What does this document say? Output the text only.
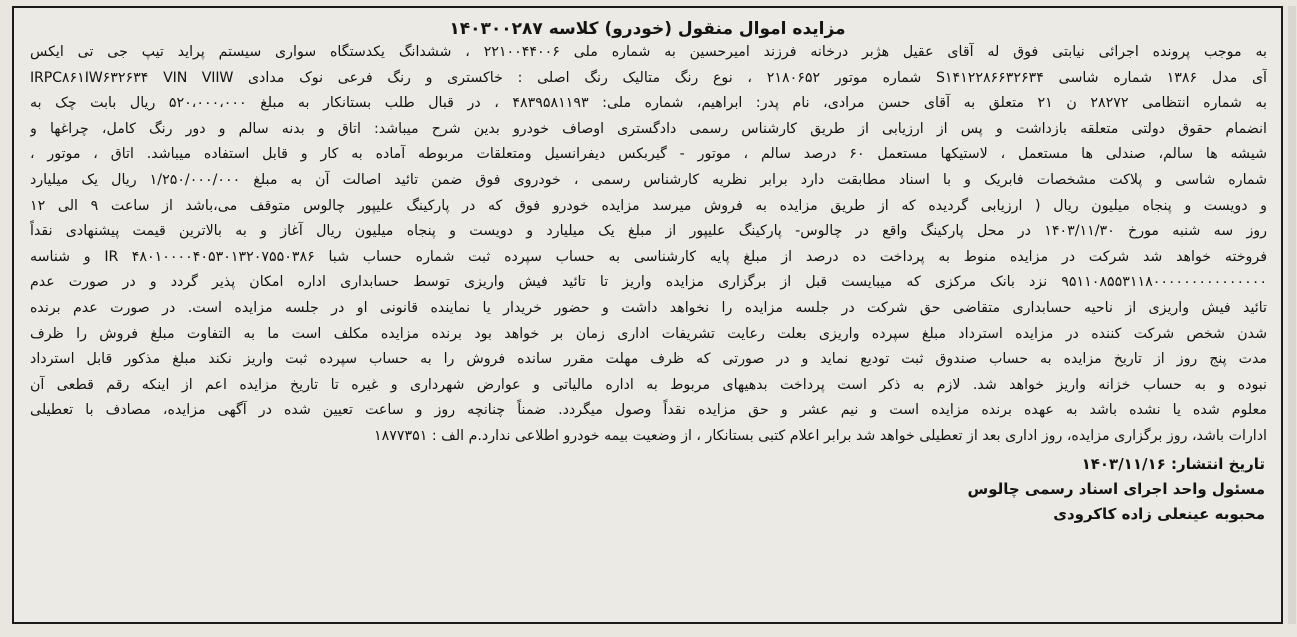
مزایده اموال منقول (خودرو) کلاسه ۱۴۰۳۰۰۲۸۷
به موجب پرونده اجرائی نیابتی فوق له آقای عقیل هژبر درخانه فرزند امیرحسین به شماره ملی ۲۲۱۰۰۴۴۰۰۶ ، ششدانگ یکدستگاه سواری سیستم پراید تیپ جی تی ایکس
آی مدل ۱۳۸۶ شماره شاسی S۱۴۱۲۲۸۶۶۳۲۶۳۴ شماره موتور ۲۱۸۰۶۵۲ ، نوع رنگ متالیک رنگ اصلی : خاکستری و رنگ فرعی نوک مدادی IRPC۸۶۱IW۶۳۲۶۳۴ VIN VIIW
به شماره انتظامی ۲۸۲۷۲ ن ۲۱ متعلق به آقای حسن مرادی، نام پدر: ابراهیم، شماره ملی: ۴۸۳۹۵۸۱۱۹۳ ، در قبال طلب بستانکار به مبلغ ۵۲۰،۰۰۰،۰۰۰ ریال بابت چک به
انضمام حقوق دولتی متعلقه بازداشت و پس از ارزیابی از طریق کارشناس رسمی دادگستری اوصاف خودرو بدین شرح میباشد: اتاق و بدنه سالم و دور رنگ کامل، چراغها و
شیشه ها سالم، صندلی ها مستعمل ، لاستیکها مستعمل ۶۰ درصد سالم ، موتور - گیربکس دیفرانسیل ومتعلقات مربوطه آماده به کار و قابل استفاده میباشد. اتاق ، موتور ،
شماره شاسی و پلاکت مشخصات فابریک و با اسناد مطابقت دارد برابر نظریه کارشناس رسمی ، خودروی فوق ضمن تائید اصالت آن به مبلغ ۱/۲۵۰/۰۰۰/۰۰۰ ریال یک میلیارد
و دویست و پنجاه میلیون ریال ( ارزیابی گردیده که از طریق مزایده به فروش میرسد مزایده خودرو فوق که در پارکینگ علیپور چالوس متوقف می،باشد از ساعت ۹ الی ۱۲
روز سه شنبه مورخ ۱۴۰۳/۱۱/۳۰ در محل پارکینگ واقع در چالوس- پارکینگ علیپور از مبلغ یک میلیارد و دویست و پنجاه میلیون ریال آغاز و به بالاترین قیمت پیشنهادی نقداً
فروخته خواهد شد شرکت در مزایده منوط به پرداخت ده درصد از مبلغ پایه کارشناسی به حساب سپرده ثبت شماره حساب شبا IR ۴۸۰۱۰۰۰۰۴۰۵۳۰۱۳۲۰۷۵۵۰۳۸۶ و شناسه
۹۵۱۱۰۸۵۵۳۱۱۸۰۰۰۰۰۰۰۰۰۰۰۰۰۰۰ نزد بانک مرکزی که میبایست قبل از برگزاری مزایده واریز تا تائید فیش واریزی توسط حسابداری اداره امکان پذیر گردد و در صورت عدم
تائید فیش واریزی از ناحیه حسابداری متقاضی حق شرکت در جلسه مزایده را نخواهد داشت و حضور خریدار یا نماینده قانونی او در جلسه مزایده است. در صورت عدم برنده
شدن شخص شرکت کننده در مزایده استرداد مبلغ سپرده واریزی بعلت رعایت تشریفات اداری زمان بر خواهد بود برنده مزایده مکلف است ما به التفاوت مبلغ فروش را ظرف
مدت پنج روز از تاریخ مزایده به حساب صندوق ثبت تودیع نماید و در صورتی که ظرف مهلت مقرر سانده فروش را به حساب سپرده ثبت واریز نکند مبلغ مذکور قابل استرداد
نبوده و به حساب خزانه واریز خواهد شد. لازم به ذکر است پرداخت بدهیهای مربوط به اداره مالیاتی و عوارض شهرداری و غیره تا تاریخ مزایده اعم از اینکه رقم قطعی آن
معلوم شده یا نشده باشد به عهده برنده مزایده است و نیم عشر و حق مزایده نقداً وصول میگردد. ضمناً چنانچه روز و ساعت تعیین شده در آگهی مزایده، مصادف با تعطیلی
ادارات باشد، روز برگزاری مزایده، روز اداری بعد از تعطیلی خواهد شد برابر اعلام کتبی بستانکار ، از وضعیت بیمه خودرو اطلاعی ندارد.م الف : ۱۸۷۷۳۵۱
تاریخ انتشار: ۱۴۰۳/۱۱/۱۶
مسئول واحد اجرای اسناد رسمی چالوس
محبوبه عینعلی زاده کاکرودی
